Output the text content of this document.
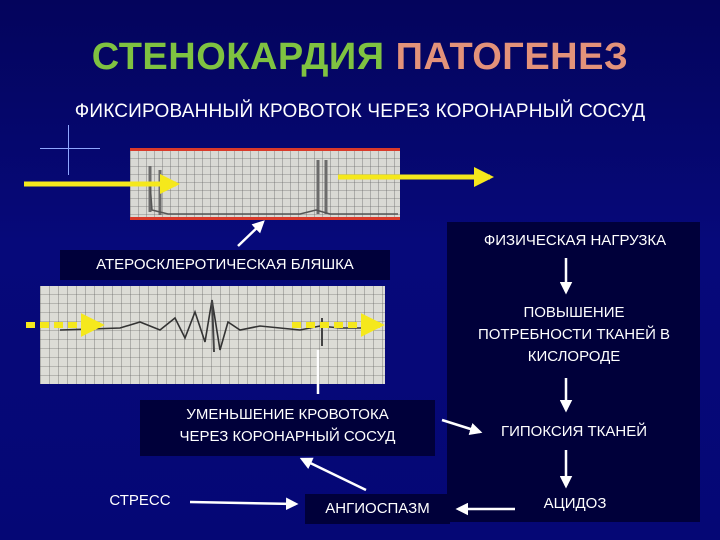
СТЕНОКАРДИЯ ПАТОГЕНЕЗ
ФИКСИРОВАННЫЙ КРОВОТОК ЧЕРЕЗ КОРОНАРНЫЙ СОСУД
АТЕРОСКЛЕРОТИЧЕСКАЯ БЛЯШКА
ФИЗИЧЕСКАЯ НАГРУЗКА
ПОВЫШЕНИЕ
ПОТРЕБНОСТИ ТКАНЕЙ В
КИСЛОРОДЕ
УМЕНЬШЕНИЕ КРОВОТОКА
ЧЕРЕЗ КОРОНАРНЫЙ СОСУД	ГИПОКСИЯ ТКАНЕЙ
СТРЕСС	АНГИОСПАЗМ	АЦИДОЗ
